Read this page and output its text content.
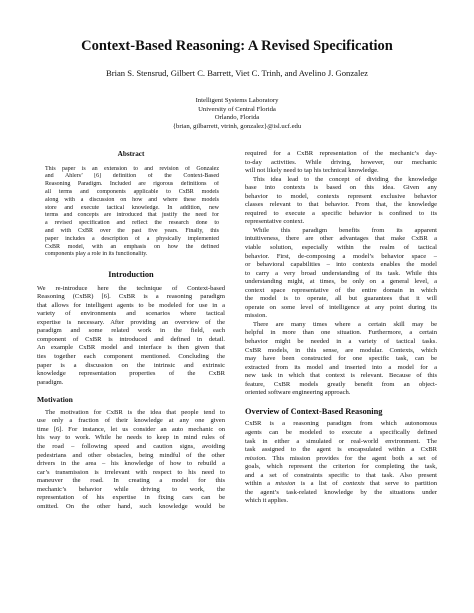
Context-Based Reasoning: A Revised Specification
Brian S. Stensrud, Gilbert C. Barrett, Viet C. Trinh, and Avelino J. Gonzalez
Intelligent Systems Laboratory
University of Central Florida
Orlando, Florida
{brian, gilbarrett, vtrinh, gonzalez}@isl.ucf.edu
Abstract
This paper is an extension to and revision of Gonzalez
and Ahlers’ [6] definition of the Context-Based
Reasoning Paradigm. Included are rigorous definitions of
all terms and components applicable to CxBR models
along with a discussion on how and where these models
store and execute tactical knowledge. In addition, new
terms and concepts are introduced that justify the need for
a revised specification and reflect the research done to
and with CxBR over the past five years. Finally, this
paper includes a description of a physically implemented
CxBR model, with an emphasis on how the defined
components play a role in its functionality.
Introduction
We re-introduce here the technique of Context-based
Reasoning (CxBR) [6]. CxBR is a reasoning paradigm
that allows for intelligent agents to be modeled for use in a
variety of environments and scenarios where tactical
expertise is necessary. After providing an overview of the
paradigm and some related work in the field, each
component of CxBR is introduced and defined in detail.
An example CxBR model and interface is then given that
ties together each component mentioned. Concluding the
paper is a discussion on the intrinsic and extrinsic
knowledge representation properties of the CxBR
paradigm.
Motivation
The motivation for CxBR is the idea that people tend to
use only a fraction of their knowledge at any one given
time [6]. For instance, let us consider an auto mechanic on
his way to work. While he needs to keep in mind rules of
the road – following speed and caution signs, avoiding
pedestrians and other obstacles, being mindful of the other
drivers in the area – his knowledge of how to rebuild a
car’s transmission is irrelevant with respect to his need to
maneuver the road. In creating a model for this
mechanic’s behavior while driving to work, the
representation of his expertise in fixing cars can be
omitted. On the other hand, such knowledge would be
required for a CxBR representation of the mechanic’s day-
to-day activities. While driving, however, our mechanic
will not likely need to tap his technical knowledge.
This idea lead to the concept of dividing the knowledge
base into contexts is based on this idea. Given any
behavior to model, contexts represent exclusive behavior
classes relevant to that behavior. From that, the knowledge
required to execute a specific behavior is confined to its
representative context.
While this paradigm benefits from its apparent
intuitiveness, there are other advantages that make CxBR a
viable solution, especially within the realm of tactical
behavior. First, de-composing a model’s behavior space –
or behavioral capabilities – into contexts enables the model
to carry a very broad understanding of its task. While this
understanding might, at times, be only on a general level, a
context space representative of the entire domain in which
the model is to operate, all but guarantees that it will
operate on some level of intelligence at any point during its
mission.
There are many times where a certain skill may be
helpful in more than one situation. Furthermore, a certain
behavior might be needed in a variety of tactical tasks.
CxBR models, in this sense, are modular. Contexts, which
may have been constructed for one specific task, can be
extracted from its model and inserted into a model for a
new task in which that context is relevant. Because of this
feature, CxBR models greatly benefit from an object-
oriented software engineering approach.
Overview of Context-Based Reasoning
CxBR is a reasoning paradigm from which autonomous
agents can be modeled to execute a specifically defined
task in either a simulated or real-world environment. The
task assigned to the agent is encapsulated within a CxBR
mission. This mission provides for the agent both a set of
goals, which represent the criterion for completing the task,
and a set of constraints specific to that task. Also present
within a mission is a list of contexts that serve to partition
the agent’s task-related knowledge by the situations under
which it applies.
